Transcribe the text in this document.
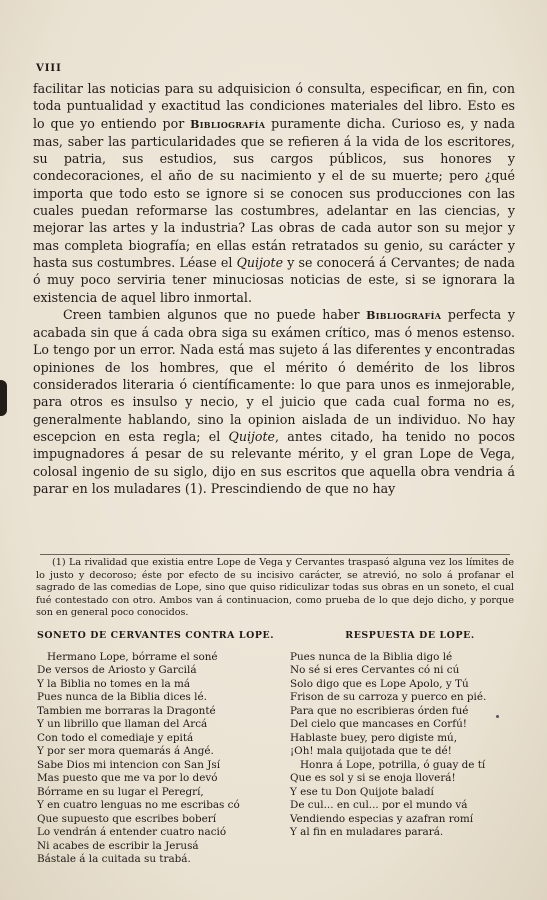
VIII

facilitar las noticias para su adquisicion ó consulta, especificar, en fin, con toda puntualidad y exactitud las condiciones materiales del libro. Esto es lo que yo entiendo por Bibliografía puramente dicha. Curioso es, y nada mas, saber las particularidades que se refieren á la vida de los escritores, su patria, sus estudios, sus cargos públicos, sus honores y condecoraciones, el año de su nacimiento y el de su muerte; pero ¿qué importa que todo esto se ignore si se conocen sus producciones con las cuales puedan reformarse las costumbres, adelantar en las ciencias, y mejorar las artes y la industria? Las obras de cada autor son su mejor y mas completa biografía; en ellas están retratados su genio, su carácter y hasta sus costumbres. Léase el Quijote y se conocerá á Cervantes; de nada ó muy poco serviria tener minuciosas noticias de este, si se ignorara la existencia de aquel libro inmortal.

Creen tambien algunos que no puede haber Bibliografía perfecta y acabada sin que á cada obra siga su exámen crítico, mas ó menos estenso. Lo tengo por un error. Nada está mas sujeto á las diferentes y encontradas opiniones de los hombres, que el mérito ó demérito de los libros considerados literaria ó científicamente: lo que para unos es inmejorable, para otros es insulso y necio, y el juicio que cada cual forma no es, generalmente hablando, sino la opinion aislada de un individuo. No hay escepcion en esta regla; el Quijote, antes citado, ha tenido no pocos impugnadores á pesar de su relevante mérito, y el gran Lope de Vega, colosal ingenio de su siglo, dijo en sus escritos que aquella obra vendria á parar en los muladares (1). Prescindiendo de que no hay

(1) La rivalidad que existia entre Lope de Vega y Cervantes traspasó alguna vez los límites de lo justo y decoroso; éste por efecto de su incisivo carácter, se atrevió, no solo á profanar el sagrado de las comedias de Lope, sino que quiso ridiculizar todas sus obras en un soneto, el cual fué contestado con otro. Ambos van á continuacion, como prueba de lo que dejo dicho, y porque son en general poco conocidos.

SONETO DE CERVANTES CONTRA LOPE.
Hermano Lope, bórrame el soné
De versos de Ariosto y Garcilá
Y la Biblia no tomes en la má
Pues nunca de la Biblia dices lé.
Tambien me borraras la Dragonté
Y un librillo que llaman del Arcá
Con todo el comediaje y epitá
Y por ser mora quemarás á Angé.
Sabe Dios mi intencion con San Jsí
Mas puesto que me va por lo devó
Bórrame en su lugar el Peregrí,
Y en cuatro lenguas no me escribas có
Que supuesto que escribes boberí
Lo vendrán á entender cuatro nació
Ni acabes de escribir la Jerusá
Bástale á la cuitada su trabá.
RESPUESTA DE LOPE.
Pues nunca de la Biblia digo lé
No sé si eres Cervantes có ni cú
Solo digo que es Lope Apolo, y Tú
Frison de su carroza y puerco en pié.
Para que no escribieras órden fué
Del cielo que mancases en Corfú!
Hablaste buey, pero digiste mú,
¡Oh! mala quijotada que te dé!
Honra á Lope, potrilla, ó guay de tí
Que es sol y si se enoja lloverá!
Y ese tu Don Quijote baladí
De cul... en cul... por el mundo vá
Vendiendo especias y azafran romí
Y al fin en muladares parará.
